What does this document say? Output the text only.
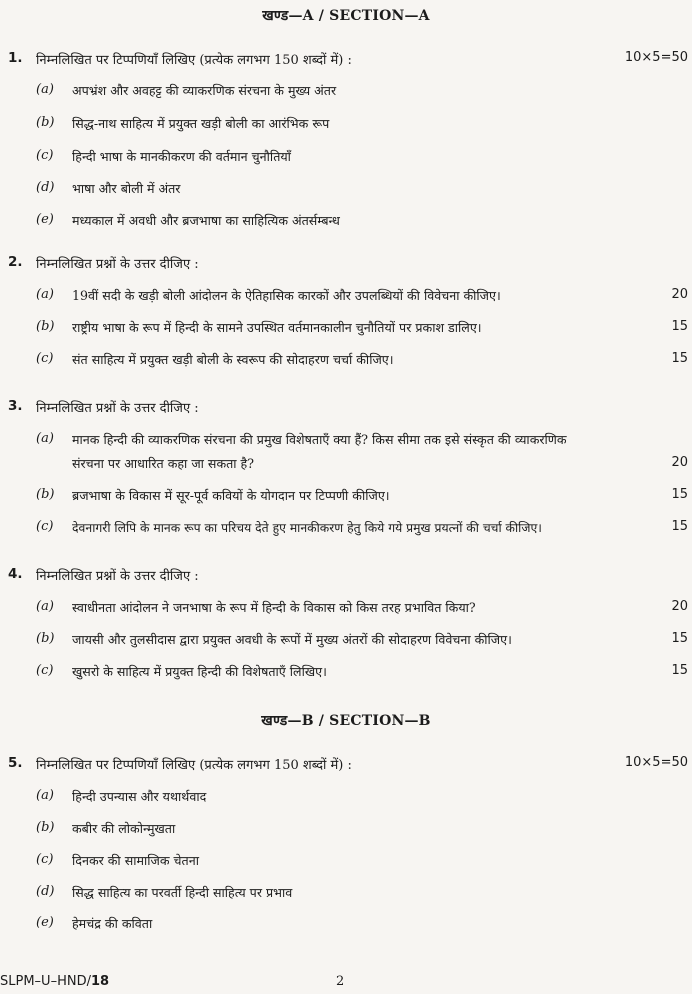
खण्ड—A / SECTION—A
1. निम्नलिखित पर टिप्पणियाँ लिखिए (प्रत्येक लगभग 150 शब्दों में) :	10×5=50
(a) अपभ्रंश और अवहट्ट की व्याकरणिक संरचना के मुख्य अंतर
(b) सिद्ध-नाथ साहित्य में प्रयुक्त खड़ी बोली का आरंभिक रूप
(c) हिन्दी भाषा के मानकीकरण की वर्तमान चुनौतियाँ
(d) भाषा और बोली में अंतर
(e) मध्यकाल में अवधी और ब्रजभाषा का साहित्यिक अंतर्सम्बन्ध
2. निम्नलिखित प्रश्नों के उत्तर दीजिए :
(a) 19वीं सदी के खड़ी बोली आंदोलन के ऐतिहासिक कारकों और उपलब्धियों की विवेचना कीजिए।	20
(b) राष्ट्रीय भाषा के रूप में हिन्दी के सामने उपस्थित वर्तमानकालीन चुनौतियों पर प्रकाश डालिए।	15
(c) संत साहित्य में प्रयुक्त खड़ी बोली के स्वरूप की सोदाहरण चर्चा कीजिए।	15
3. निम्नलिखित प्रश्नों के उत्तर दीजिए :
(a) मानक हिन्दी की व्याकरणिक संरचना की प्रमुख विशेषताएँ क्या हैं? किस सीमा तक इसे संस्कृत की व्याकरणिक
संरचना पर आधारित कहा जा सकता है?	20
(b) ब्रजभाषा के विकास में सूर-पूर्व कवियों के योगदान पर टिप्पणी कीजिए।	15
(c) देवनागरी लिपि के मानक रूप का परिचय देते हुए मानकीकरण हेतु किये गये प्रमुख प्रयत्नों की चर्चा कीजिए।	15
4. निम्नलिखित प्रश्नों के उत्तर दीजिए :
(a) स्वाधीनता आंदोलन ने जनभाषा के रूप में हिन्दी के विकास को किस तरह प्रभावित किया?	20
(b) जायसी और तुलसीदास द्वारा प्रयुक्त अवधी के रूपों में मुख्य अंतरों की सोदाहरण विवेचना कीजिए।	15
(c) खुसरो के साहित्य में प्रयुक्त हिन्दी की विशेषताएँ लिखिए।	15
खण्ड—B / SECTION—B
5. निम्नलिखित पर टिप्पणियाँ लिखिए (प्रत्येक लगभग 150 शब्दों में) :	10×5=50
(a) हिन्दी उपन्यास और यथार्थवाद
(b) कबीर की लोकोन्मुखता
(c) दिनकर की सामाजिक चेतना
(d) सिद्ध साहित्य का परवर्ती हिन्दी साहित्य पर प्रभाव
(e) हेमचंद्र की कविता
SLPM–U–HND/18	2
